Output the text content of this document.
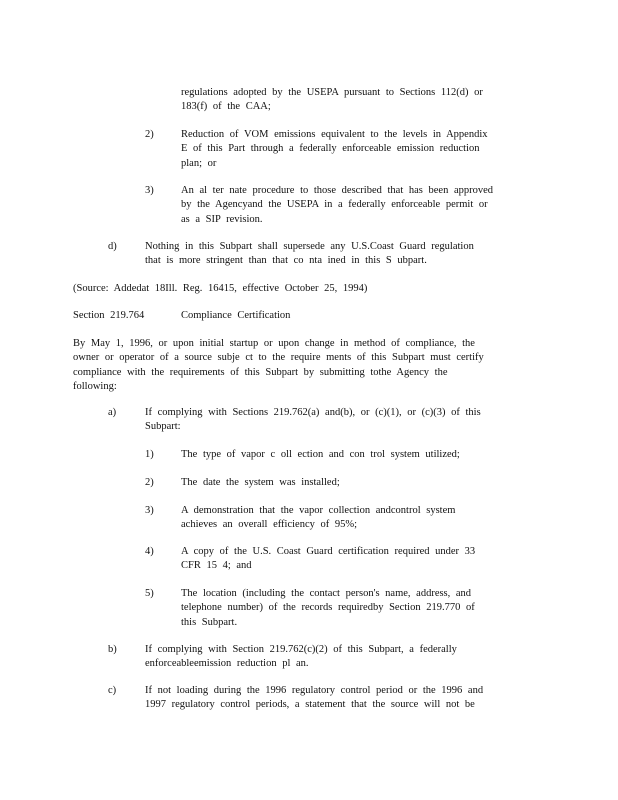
regulations adopted by the USEPA pursuant to Sections 112(d) or
183(f) of the CAA;
2)	Reduction of VOM emissions equivalent to the levels in Appendix
E of this Part through a federally enforceable emission reduction
plan; or
3)	An al ter nate procedure to those described that has been approved
by the Agencyand the USEPA in a federally enforceable permit or
as a SIP revision.
d)	Nothing in this Subpart shall supersede any U.S.Coast Guard regulation
that is more stringent than that co nta ined in this S ubpart.
(Source: Addedat 18Ill. Reg. 16415, effective October 25, 1994)
Section 219.764	Compliance Certification
By May 1, 1996, or upon initial startup or upon change in method of compliance, the
owner or operator of a source subje ct to the require ments of this Subpart must certify
compliance with the requirements of this Subpart by submitting tothe Agency the
following:
a)	If complying with Sections 219.762(a) and(b), or (c)(1), or (c)(3) of this
Subpart:
1)	The type of vapor c oll ection and con trol system utilized;
2)	The date the system was installed;
3)	A demonstration that the vapor collection andcontrol system
achieves an overall efficiency of 95%;
4)	A copy of the U.S. Coast Guard certification required under 33
CFR 15 4; and
5)	The location (including the contact person's name, address, and
telephone number) of the records requiredby Section 219.770 of
this Subpart.
b)	If complying with Section 219.762(c)(2) of this Subpart, a federally
enforceableemission reduction pl an.
c)	If not loading during the 1996 regulatory control period or the 1996 and
1997 regulatory control periods, a statement that the source will not be
